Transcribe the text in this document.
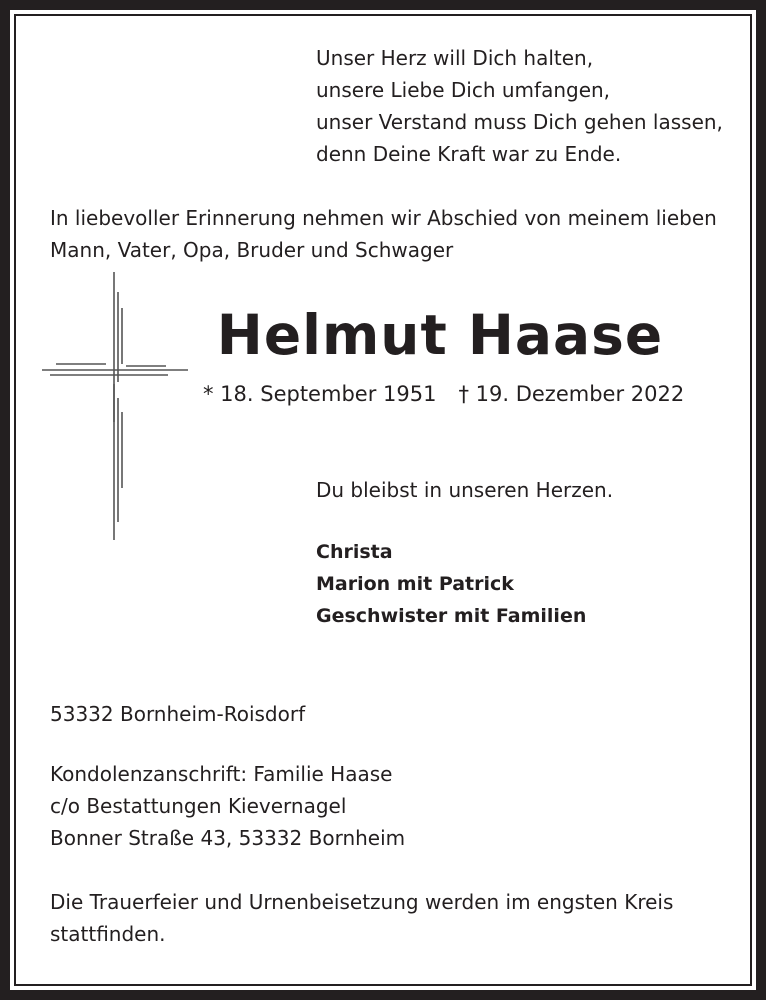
Unser Herz will Dich halten,
unsere Liebe Dich umfangen,
unser Verstand muss Dich gehen lassen,
denn Deine Kraft war zu Ende.
In liebevoller Erinnerung nehmen wir Abschied von meinem lieben
Mann, Vater, Opa, Bruder und Schwager
Helmut Haase
* 18. September 1951 † 19. Dezember 2022
Du bleibst in unseren Herzen.
Christa
Marion mit Patrick
Geschwister mit Familien
53332 Bornheim-Roisdorf
Kondolenzanschrift: Familie Haase
c/o Bestattungen Kievernagel
Bonner Straße 43, 53332 Bornheim
Die Trauerfeier und Urnenbeisetzung werden im engsten Kreis
stattfinden.
